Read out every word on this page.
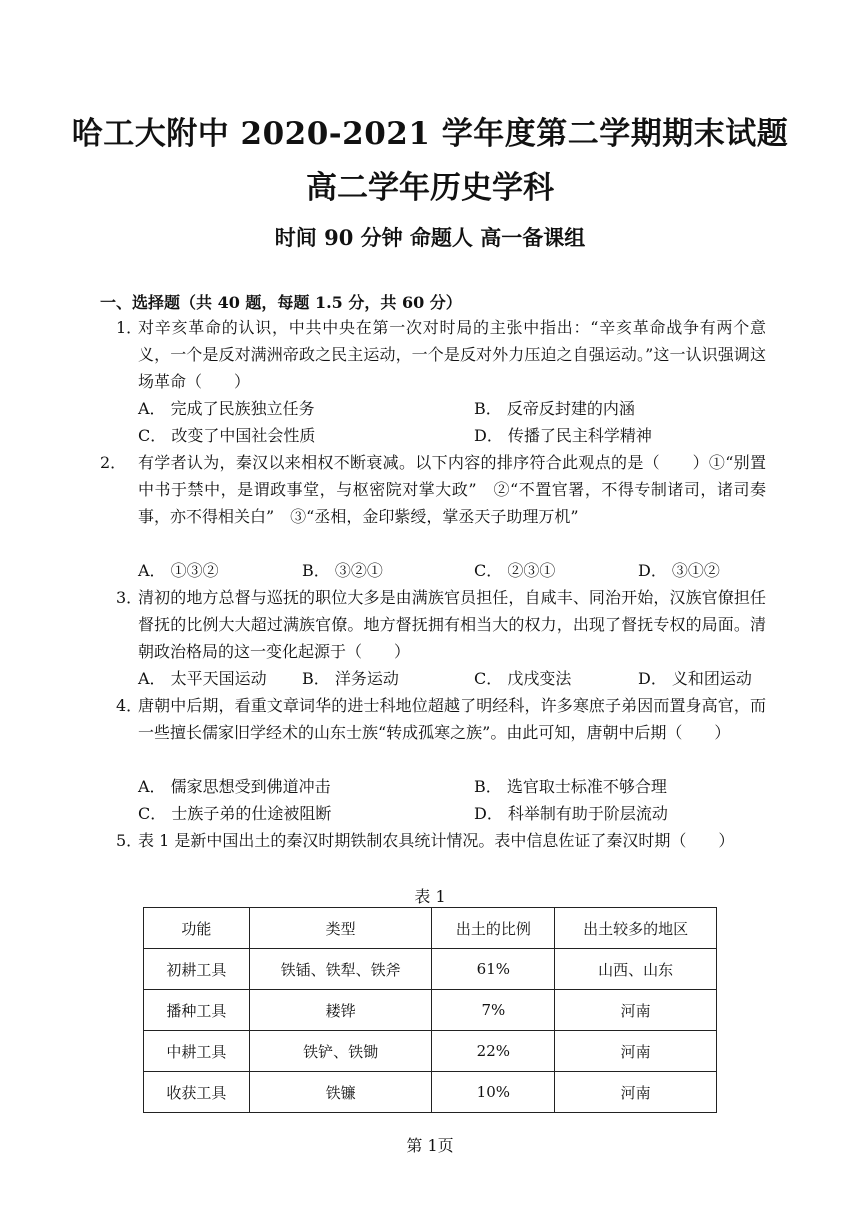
哈工大附中 2020-2021 学年度第二学期期末试题
高二学年历史学科
时间 90 分钟 命题人 高一备课组
一、选择题（共 40 题，每题 1.5 分，共 60 分）
1．
对辛亥革命的认识，中共中央在第一次对时局的主张中指出：“辛亥革命战争有两个意义，一个是反对满洲帝政之民主运动，一个是反对外力压迫之自强运动。”这一认识强调这场革命（　　）
A． 完成了民族独立任务	B． 反帝反封建的内涵
C． 改变了中国社会性质	D． 传播了民主科学精神
2． 有学者认为，秦汉以来相权不断衰减。以下内容的排序符合此观点的是（　　）①“别置中书于禁中，是谓政事堂，与枢密院对掌大政”　②“不置官署，不得专制诸司，诸司奏事，亦不得相关白”　③“丞相，金印紫绶，掌丞天子助理万机”
A． ①③②	B． ③②①	C． ②③①	D． ③①②
3．
清初的地方总督与巡抚的职位大多是由满族官员担任，自咸丰、同治开始，汉族官僚担任督抚的比例大大超过满族官僚。地方督抚拥有相当大的权力，出现了督抚专权的局面。清朝政治格局的这一变化起源于（　　）
A． 太平天国运动 B． 洋务运动	C． 戊戌变法	D． 义和团运动
4．
唐朝中后期，看重文章词华的进士科地位超越了明经科，许多寒庶子弟因而置身高官，而一些擅长儒家旧学经术的山东士族“转成孤寒之族”。由此可知，唐朝中后期（　　）
A． 儒家思想受到佛道冲击	B． 选官取士标准不够合理
C． 士族子弟的仕途被阻断	D． 科举制有助于阶层流动
5．
表 1 是新中国出土的秦汉时期铁制农具统计情况。表中信息佐证了秦汉时期（　　）
表 1
功能	类型	出土的比例	出土较多的地区
初耕工具	铁锸、铁犁、铁斧	61%	山西、山东
播种工具	耧铧	7%	河南
中耕工具	铁铲、铁锄	22%	河南
收获工具	铁镰	10%	河南
第 1页
